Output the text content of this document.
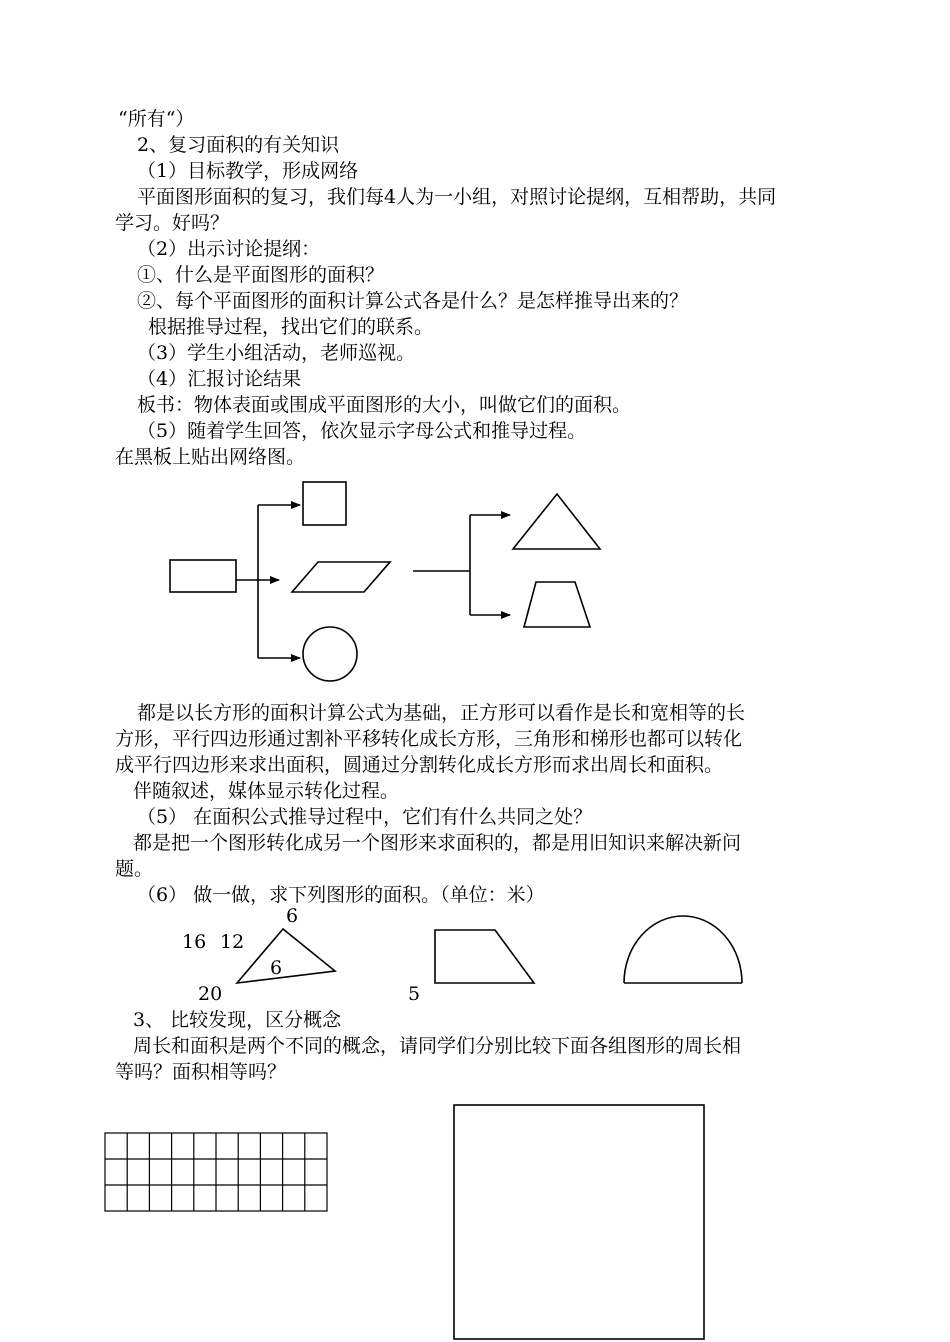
“所有“）
2、复习面积的有关知识
（1）目标教学，形成网络
平面图形面积的复习，我们每4人为一小组，对照讨论提纲，互相帮助，共同
学习。好吗？
（2）出示讨论提纲：
①、什么是平面图形的面积？
②、每个平面图形的面积计算公式各是什么？是怎样推导出来的？
根据推导过程，找出它们的联系。
（3）学生小组活动，老师巡视。
（4）汇报讨论结果
板书：物体表面或围成平面图形的大小，叫做它们的面积。
（5）随着学生回答，依次显示字母公式和推导过程。
在黑板上贴出网络图。
都是以长方形的面积计算公式为基础，正方形可以看作是长和宽相等的长
方形，平行四边形通过割补平移转化成长方形，三角形和梯形也都可以转化
成平行四边形来求出面积，圆通过分割转化成长方形而求出周长和面积。
伴随叙述，媒体显示转化过程。
（5） 在面积公式推导过程中，它们有什么共同之处？
都是把一个图形转化成另一个图形来求面积的，都是用旧知识来解决新问
题。
（6） 做一做，求下列图形的面积。（单位：米）
6
16 12
6
20	5
3、 比较发现，区分概念
周长和面积是两个不同的概念，请同学们分别比较下面各组图形的周长相
等吗？面积相等吗？
